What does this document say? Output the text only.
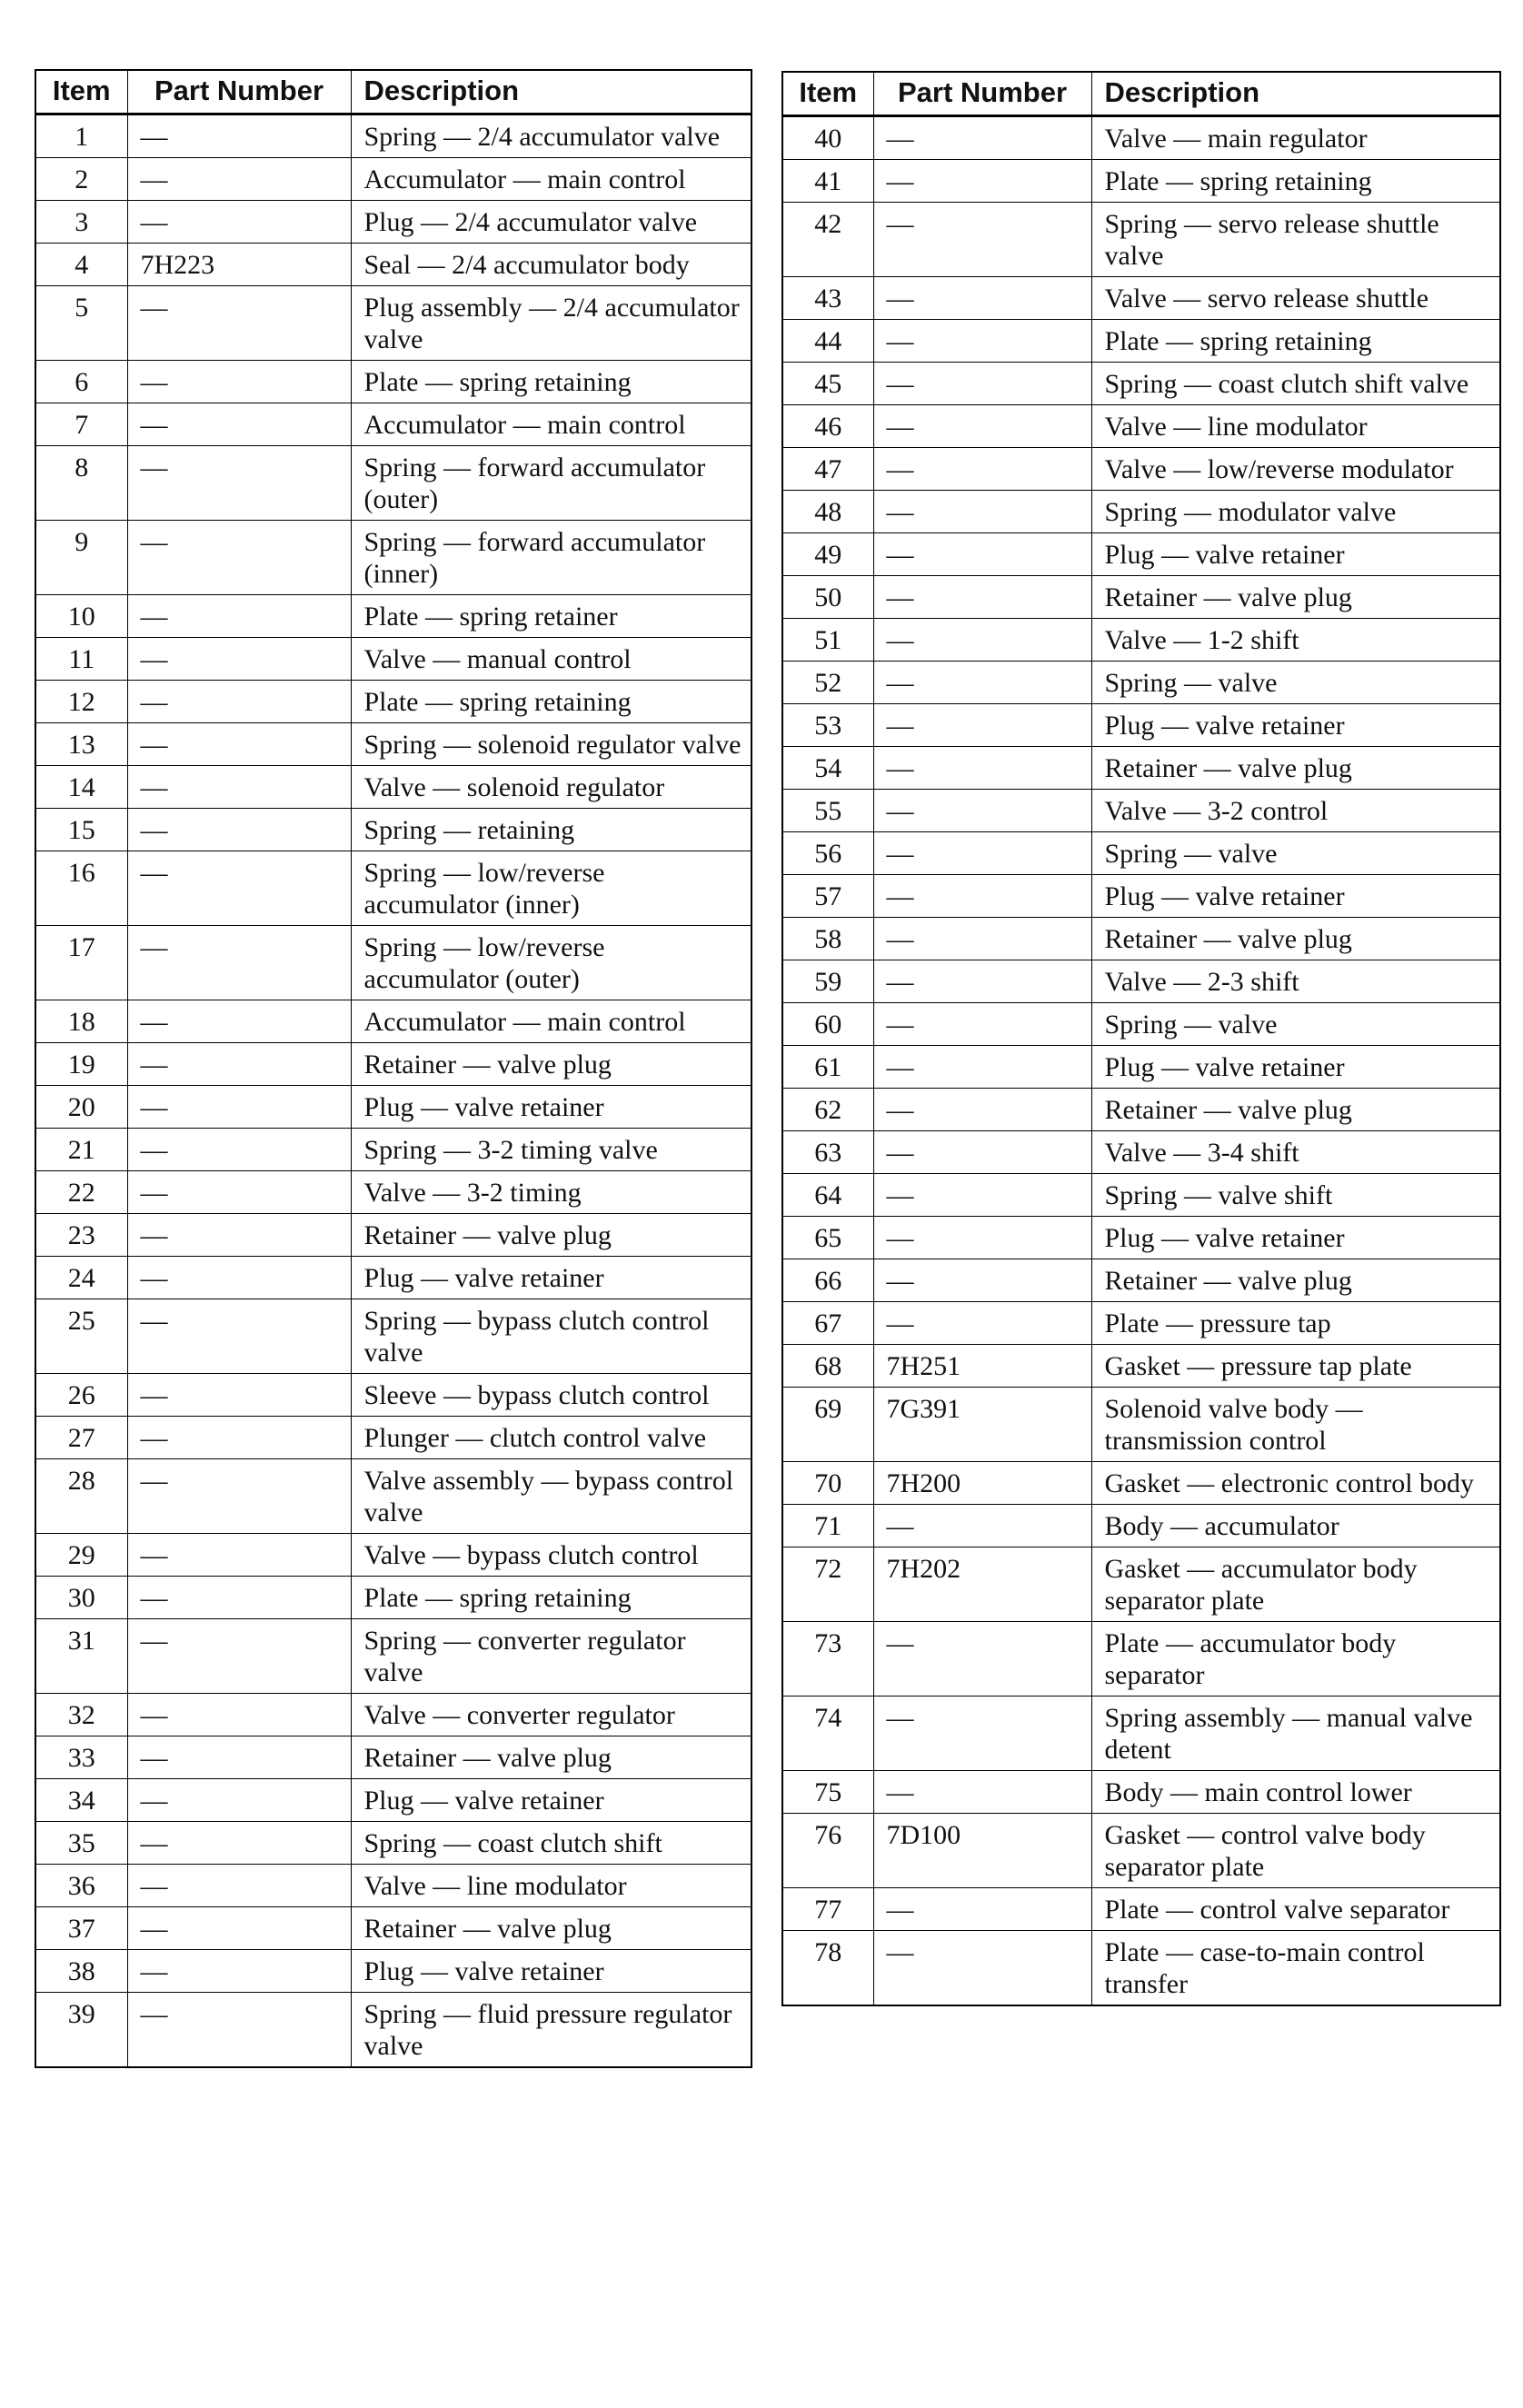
Item	Part Number	Description
1	—	Spring — 2/4 accumulator valve
2	—	Accumulator — main control
3	—	Plug — 2/4 accumulator valve
4	7H223	Seal — 2/4 accumulator body
5	—	Plug assembly — 2/4 accumulator valve
6	—	Plate — spring retaining
7	—	Accumulator — main control
8	—	Spring — forward accumulator (outer)
9	—	Spring — forward accumulator (inner)
10	—	Plate — spring retainer
11	—	Valve — manual control
12	—	Plate — spring retaining
13	—	Spring — solenoid regulator valve
14	—	Valve — solenoid regulator
15	—	Spring — retaining
16	—	Spring — low/reverse accumulator (inner)
17	—	Spring — low/reverse accumulator (outer)
18	—	Accumulator — main control
19	—	Retainer — valve plug
20	—	Plug — valve retainer
21	—	Spring — 3-2 timing valve
22	—	Valve — 3-2 timing
23	—	Retainer — valve plug
24	—	Plug — valve retainer
25	—	Spring — bypass clutch control valve
26	—	Sleeve — bypass clutch control
27	—	Plunger — clutch control valve
28	—	Valve assembly — bypass control valve
29	—	Valve — bypass clutch control
30	—	Plate — spring retaining
31	—	Spring — converter regulator valve
32	—	Valve — converter regulator
33	—	Retainer — valve plug
34	—	Plug — valve retainer
35	—	Spring — coast clutch shift
36	—	Valve — line modulator
37	—	Retainer — valve plug
38	—	Plug — valve retainer
39	—	Spring — fluid pressure regulator valve
Item	Part Number	Description
40	—	Valve — main regulator
41	—	Plate — spring retaining
42	—	Spring — servo release shuttle valve
43	—	Valve — servo release shuttle
44	—	Plate — spring retaining
45	—	Spring — coast clutch shift valve
46	—	Valve — line modulator
47	—	Valve — low/reverse modulator
48	—	Spring — modulator valve
49	—	Plug — valve retainer
50	—	Retainer — valve plug
51	—	Valve — 1-2 shift
52	—	Spring — valve
53	—	Plug — valve retainer
54	—	Retainer — valve plug
55	—	Valve — 3-2 control
56	—	Spring — valve
57	—	Plug — valve retainer
58	—	Retainer — valve plug
59	—	Valve — 2-3 shift
60	—	Spring — valve
61	—	Plug — valve retainer
62	—	Retainer — valve plug
63	—	Valve — 3-4 shift
64	—	Spring — valve shift
65	—	Plug — valve retainer
66	—	Retainer — valve plug
67	—	Plate — pressure tap
68	7H251	Gasket — pressure tap plate
69	7G391	Solenoid valve body — transmission control
70	7H200	Gasket — electronic control body
71	—	Body — accumulator
72	7H202	Gasket — accumulator body separator plate
73	—	Plate — accumulator body separator
74	—	Spring assembly — manual valve detent
75	—	Body — main control lower
76	7D100	Gasket — control valve body separator plate
77	—	Plate — control valve separator
78	—	Plate — case-to-main control transfer
